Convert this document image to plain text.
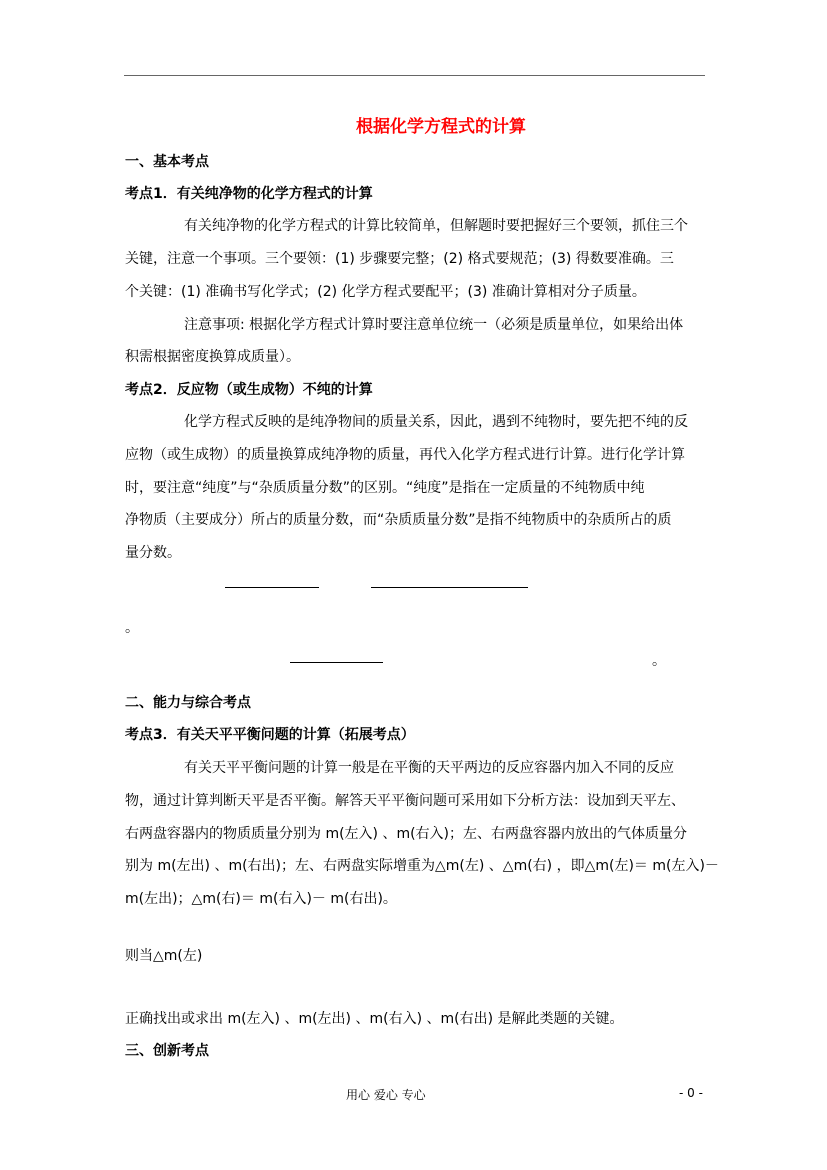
根据化学方程式的计算
一、基本考点
考点1．有关纯净物的化学方程式的计算
有关纯净物的化学方程式的计算比较简单，但解题时要把握好三个要领，抓住三个
关键，注意一个事项。三个要领：(1) 步骤要完整；(2) 格式要规范；(3) 得数要准确。三
个关键：(1) 准确书写化学式；(2) 化学方程式要配平；(3) 准确计算相对分子质量。
注意事项: 根据化学方程式计算时要注意单位统一（必须是质量单位，如果给出体
积需根据密度换算成质量）。
考点2．反应物（或生成物）不纯的计算
化学方程式反映的是纯净物间的质量关系，因此，遇到不纯物时，要先把不纯的反
应物（或生成物）的质量换算成纯净物的质量，再代入化学方程式进行计算。进行化学计算
时，要注意“纯度”与“杂质质量分数”的区别。“纯度”是指在一定质量的不纯物质中纯
净物质（主要成分）所占的质量分数，而“杂质质量分数”是指不纯物质中的杂质所占的质
量分数。
。
。
二、能力与综合考点
考点3．有关天平平衡问题的计算（拓展考点）
有关天平平衡问题的计算一般是在平衡的天平两边的反应容器内加入不同的反应
物，通过计算判断天平是否平衡。解答天平平衡问题可采用如下分析方法：设加到天平左、
右两盘容器内的物质质量分别为 m(左入) 、m(右入)；左、右两盘容器内放出的气体质量分
别为 m(左出) 、m(右出)；左、右两盘实际增重为△m(左) 、△m(右) ，即△m(左)＝ m(左入)－
m(左出)；△m(右)＝ m(右入)－ m(右出)。
则当△m(左)
正确找出或求出 m(左入) 、m(左出) 、m(右入) 、m(右出) 是解此类题的关键。
三、创新考点
用心 爱心 专心	- 0 -
